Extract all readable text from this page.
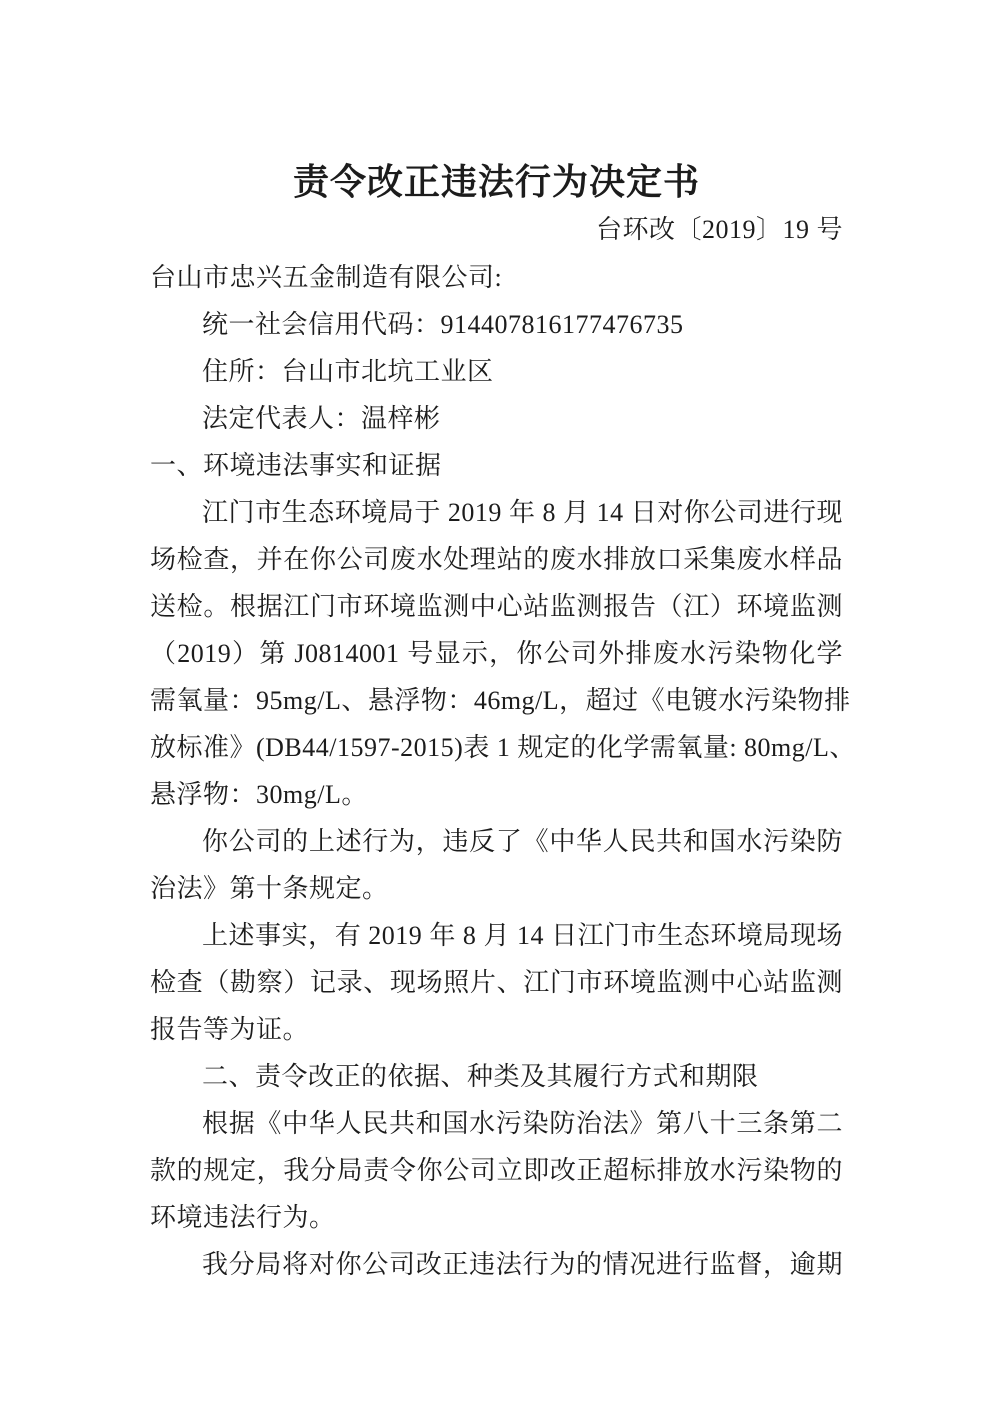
责令改正违法行为决定书
台环改〔2019〕19 号
台山市忠兴五金制造有限公司:
统一社会信用代码：914407816177476735
住所：台山市北坑工业区
法定代表人：温梓彬
一、环境违法事实和证据
江门市生态环境局于 2019 年 8 月 14 日对你公司进行现
场检查，并在你公司废水处理站的废水排放口采集废水样品
送检。根据江门市环境监测中心站监测报告（江）环境监测
（2019）第 J0814001 号显示，你公司外排废水污染物化学
需氧量：95mg/L、悬浮物：46mg/L，超过《电镀水污染物排
放标准》(DB44/1597-2015)表 1 规定的化学需氧量: 80mg/L、
悬浮物：30mg/L。
你公司的上述行为，违反了《中华人民共和国水污染防
治法》第十条规定。
上述事实，有 2019 年 8 月 14 日江门市生态环境局现场
检查（勘察）记录、现场照片、江门市环境监测中心站监测
报告等为证。
二、责令改正的依据、种类及其履行方式和期限
根据《中华人民共和国水污染防治法》第八十三条第二
款的规定，我分局责令你公司立即改正超标排放水污染物的
环境违法行为。
我分局将对你公司改正违法行为的情况进行监督，逾期
